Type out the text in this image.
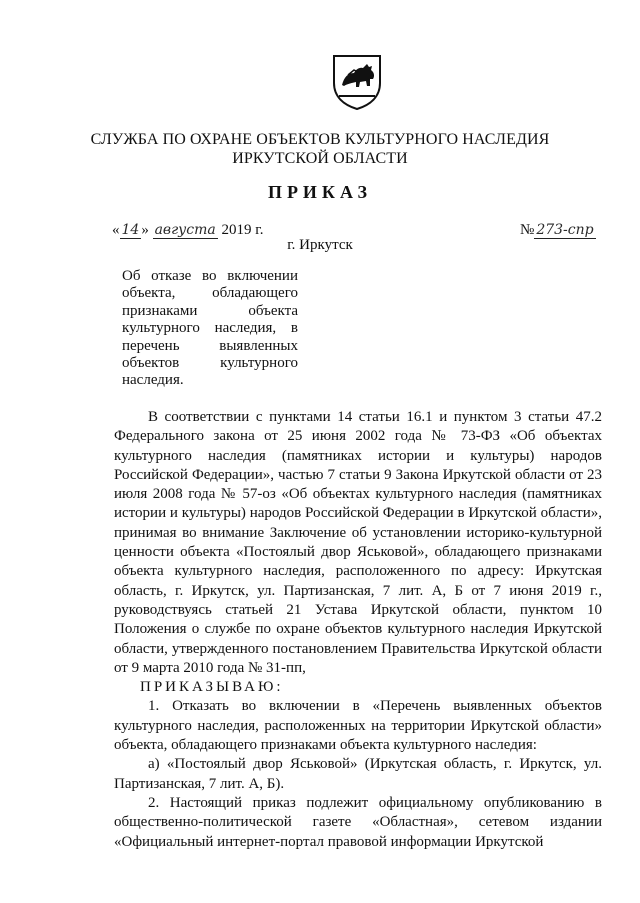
СЛУЖБА ПО ОХРАНЕ ОБЪЕКТОВ КУЛЬТУРНОГО НАСЛЕДИЯ
ИРКУТСКОЙ ОБЛАСТИ
ПРИКАЗ
« 14 » августа 2019 г.	№ 273-спр
г. Иркутск
Об отказе во включении объекта, обладающего признаками объекта культурного наследия, в перечень выявленных объектов культурного наследия.

В соответствии с пунктами 14 статьи 16.1 и пунктом 3 статьи 47.2 Федерального закона от 25 июня 2002 года № 73-ФЗ «Об объектах культурного наследия (памятниках истории и культуры) народов Российской Федерации», частью 7 статьи 9 Закона Иркутской области от 23 июля 2008 года № 57-оз «Об объектах культурного наследия (памятниках истории и культуры) народов Российской Федерации в Иркутской области», принимая во внимание Заключение об установлении историко-культурной ценности объекта «Постоялый двор Яськовой», обладающего признаками объекта культурного наследия, расположенного по адресу: Иркутская область, г. Иркутск, ул. Партизанская, 7 лит. А, Б от 7 июня 2019 г., руководствуясь статьей 21 Устава Иркутской области, пунктом 10 Положения о службе по охране объектов культурного наследия Иркутской области, утвержденного постановлением Правительства Иркутской области от 9 марта 2010 года № 31-пп,

ПРИКАЗЫВАЮ:

1. Отказать во включении в «Перечень выявленных объектов культурного наследия, расположенных на территории Иркутской области» объекта, обладающего признаками объекта культурного наследия:

а) «Постоялый двор Яськовой» (Иркутская область, г. Иркутск, ул. Партизанская, 7 лит. А, Б).

2. Настоящий приказ подлежит официальному опубликованию в общественно-политической газете «Областная», сетевом издании «Официальный интернет-портал правовой информации Иркутской
